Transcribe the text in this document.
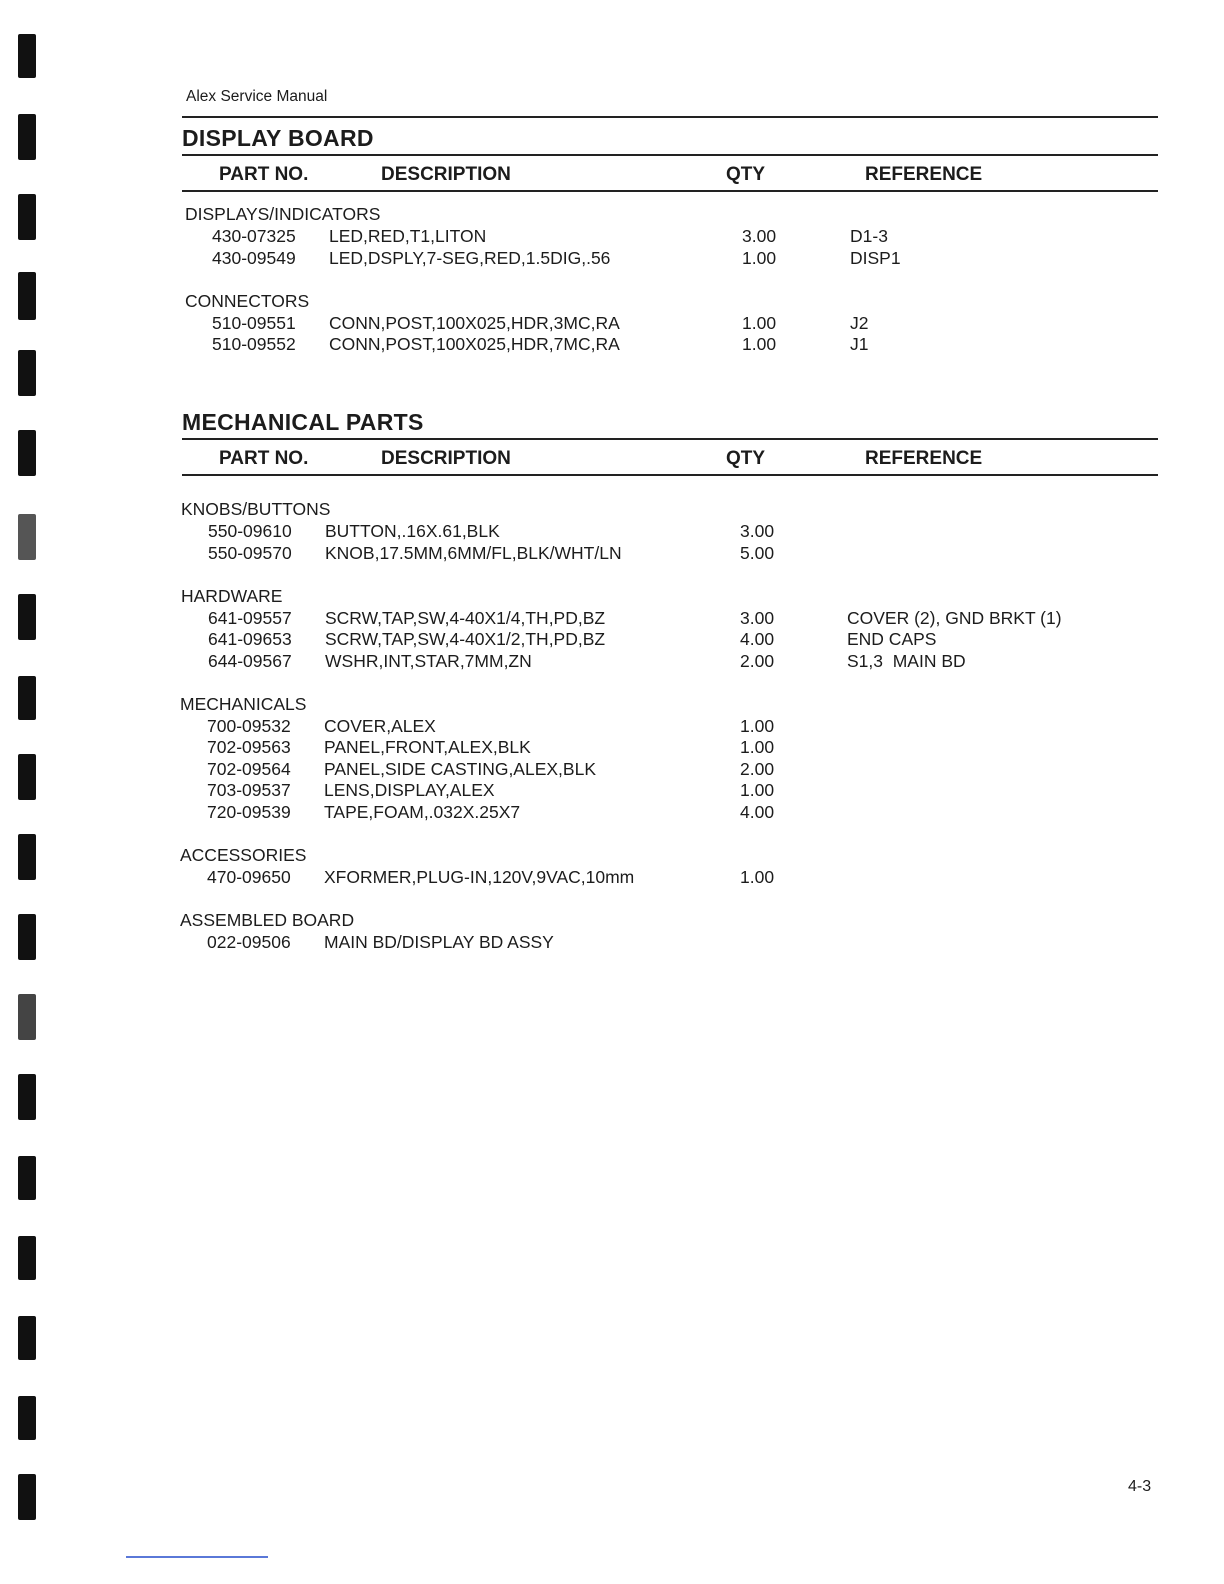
Alex Service Manual
DISPLAY BOARD
PART NO.	DESCRIPTION	QTY	REFERENCE
DISPLAYS/INDICATORS
430-07325 LED,RED,T1,LITON	3.00	D1-3
430-09549 LED,DSPLY,7-SEG,RED,1.5DIG,.56	1.00	DISP1
CONNECTORS
510-09551 CONN,POST,100X025,HDR,3MC,RA	1.00	J2
510-09552 CONN,POST,100X025,HDR,7MC,RA	1.00	J1
MECHANICAL PARTS
PART NO.	DESCRIPTION	QTY	REFERENCE
KNOBS/BUTTONS
550-09610 BUTTON,.16X.61,BLK	3.00
550-09570 KNOB,17.5MM,6MM/FL,BLK/WHT/LN	5.00
HARDWARE
641-09557 SCRW,TAP,SW,4-40X1/4,TH,PD,BZ	3.00	COVER (2), GND BRKT (1)
641-09653 SCRW,TAP,SW,4-40X1/2,TH,PD,BZ	4.00	END CAPS
644-09567 WSHR,INT,STAR,7MM,ZN	2.00	S1,3  MAIN BD
MECHANICALS
700-09532 COVER,ALEX	1.00
702-09563 PANEL,FRONT,ALEX,BLK	1.00
702-09564 PANEL,SIDE CASTING,ALEX,BLK	2.00
703-09537 LENS,DISPLAY,ALEX	1.00
720-09539 TAPE,FOAM,.032X.25X7	4.00
ACCESSORIES
470-09650 XFORMER,PLUG-IN,120V,9VAC,10mm	1.00
ASSEMBLED BOARD
022-09506 MAIN BD/DISPLAY BD ASSY
4-3
